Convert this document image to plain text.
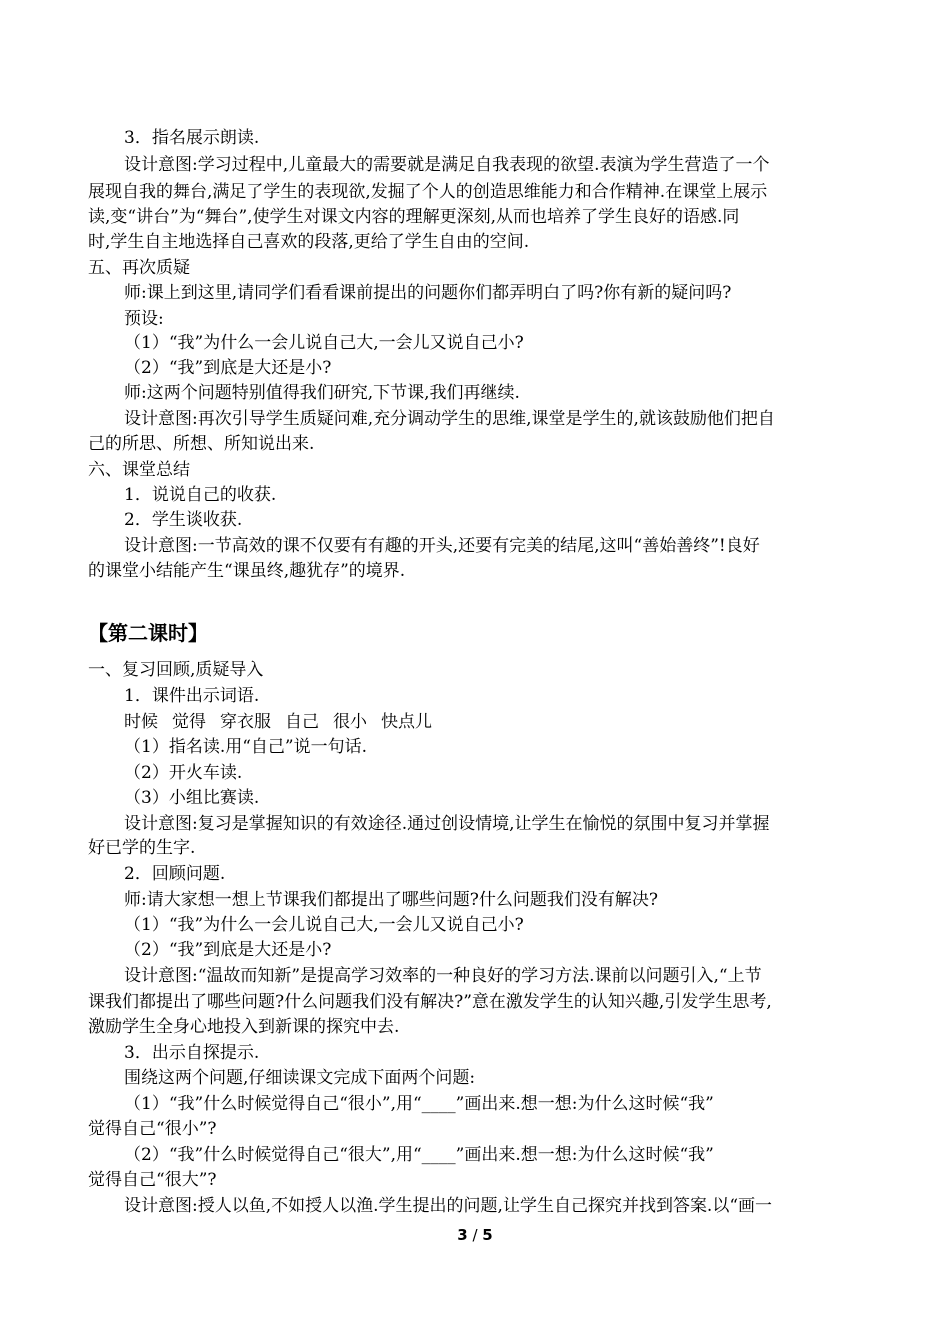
3．指名展示朗读.
设计意图:学习过程中,儿童最大的需要就是满足自我表现的欲望.表演为学生营造了一个
展现自我的舞台,满足了学生的表现欲,发掘了个人的创造思维能力和合作精神.在课堂上展示
读,变“讲台”为“舞台”,使学生对课文内容的理解更深刻,从而也培养了学生良好的语感.同
时,学生自主地选择自己喜欢的段落,更给了学生自由的空间.
五、再次质疑
师:课上到这里,请同学们看看课前提出的问题你们都弄明白了吗?你有新的疑问吗?
预设:
（1）“我”为什么一会儿说自己大,一会儿又说自己小?
（2）“我”到底是大还是小?
师:这两个问题特别值得我们研究,下节课,我们再继续.
设计意图:再次引导学生质疑问难,充分调动学生的思维,课堂是学生的,就该鼓励他们把自
己的所思、所想、所知说出来.
六、课堂总结
1．说说自己的收获.
2．学生谈收获.
设计意图:一节高效的课不仅要有有趣的开头,还要有完美的结尾,这叫“善始善终”!良好
的课堂小结能产生“课虽终,趣犹存”的境界.
【第二课时】
一、复习回顾,质疑导入
1．课件出示词语.
时候 觉得 穿衣服 自己 很小 快点儿
（1）指名读.用“自己”说一句话.
（2）开火车读.
（3）小组比赛读.
设计意图:复习是掌握知识的有效途径.通过创设情境,让学生在愉悦的氛围中复习并掌握
好已学的生字.
2．回顾问题.
师:请大家想一想上节课我们都提出了哪些问题?什么问题我们没有解决?
（1）“我”为什么一会儿说自己大,一会儿又说自己小?
（2）“我”到底是大还是小?
设计意图:“温故而知新”是提高学习效率的一种良好的学习方法.课前以问题引入,“上节
课我们都提出了哪些问题?什么问题我们没有解决?”意在激发学生的认知兴趣,引发学生思考,
激励学生全身心地投入到新课的探究中去.
3．出示自探提示.
围绕这两个问题,仔细读课文完成下面两个问题:
（1）“我”什么时候觉得自己“很小”,用“____”画出来.想一想:为什么这时候“我”
觉得自己“很小”?
（2）“我”什么时候觉得自己“很大”,用“____”画出来.想一想:为什么这时候“我”
觉得自己“很大”?
设计意图:授人以鱼,不如授人以渔.学生提出的问题,让学生自己探究并找到答案.以“画一
3 / 5
